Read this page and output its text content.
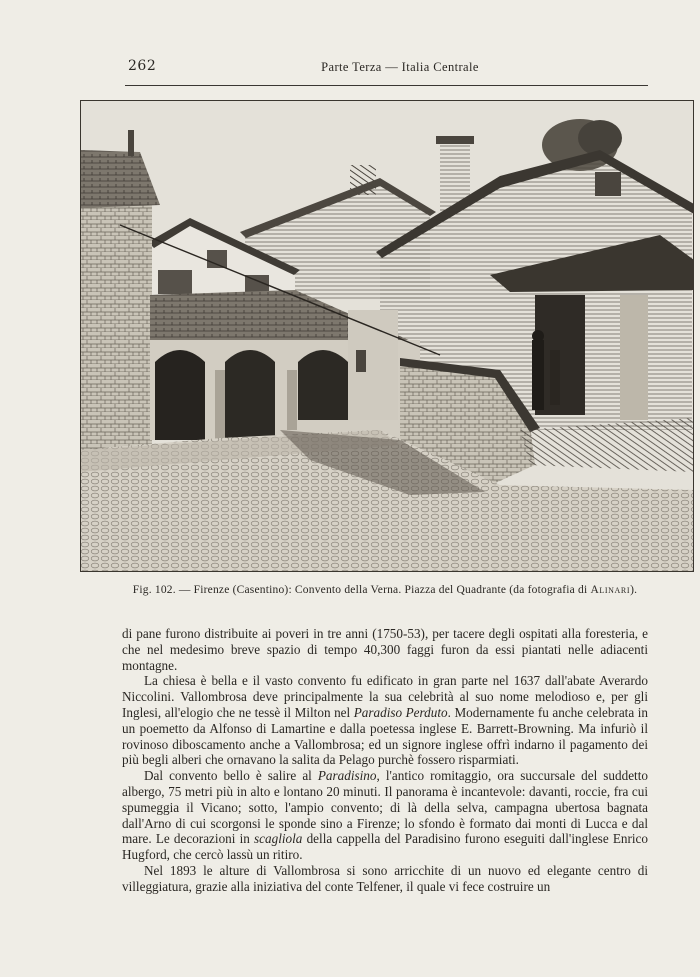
262	Parte Terza — Italia Centrale
Fig. 102. — Firenze (Casentino): Convento della Verna. Piazza del Quadrante (da fotografia di Alinari).

di pane furono distribuite ai poveri in tre anni (1750-53), per tacere degli ospitati alla foresteria, e che nel medesimo breve spazio di tempo 40,300 faggi furon da essi piantati nelle adiacenti montagne.

La chiesa è bella e il vasto convento fu edificato in gran parte nel 1637 dall'abate Averardo Niccolini. Vallombrosa deve principalmente la sua celebrità al suo nome melodioso e, per gli Inglesi, all'elogio che ne tessè il Milton nel Paradiso Perduto. Modernamente fu anche celebrata in un poemetto da Alfonso di Lamartine e dalla poetessa inglese E. Barrett-Browning. Ma infuriò il rovinoso diboscamento anche a Vallombrosa; ed un signore inglese offrì indarno il pagamento dei più begli alberi che ornavano la salita da Pelago purchè fossero risparmiati.

Dal convento bello è salire al Paradisino, l'antico romitaggio, ora succursale del suddetto albergo, 75 metri più in alto e lontano 20 minuti. Il panorama è incantevole: davanti, roccie, fra cui spumeggia il Vicano; sotto, l'ampio convento; di là della selva, campagna ubertosa bagnata dall'Arno di cui scorgonsi le sponde sino a Firenze; lo sfondo è formato dai monti di Lucca e dal mare. Le decorazioni in scagliola della cappella del Paradisino furono eseguiti dall'inglese Enrico Hugford, che cercò lassù un ritiro.

Nel 1893 le alture di Vallombrosa si sono arricchite di un nuovo ed elegante centro di villeggiatura, grazie alla iniziativa del conte Telfener, il quale vi fece costruire un
